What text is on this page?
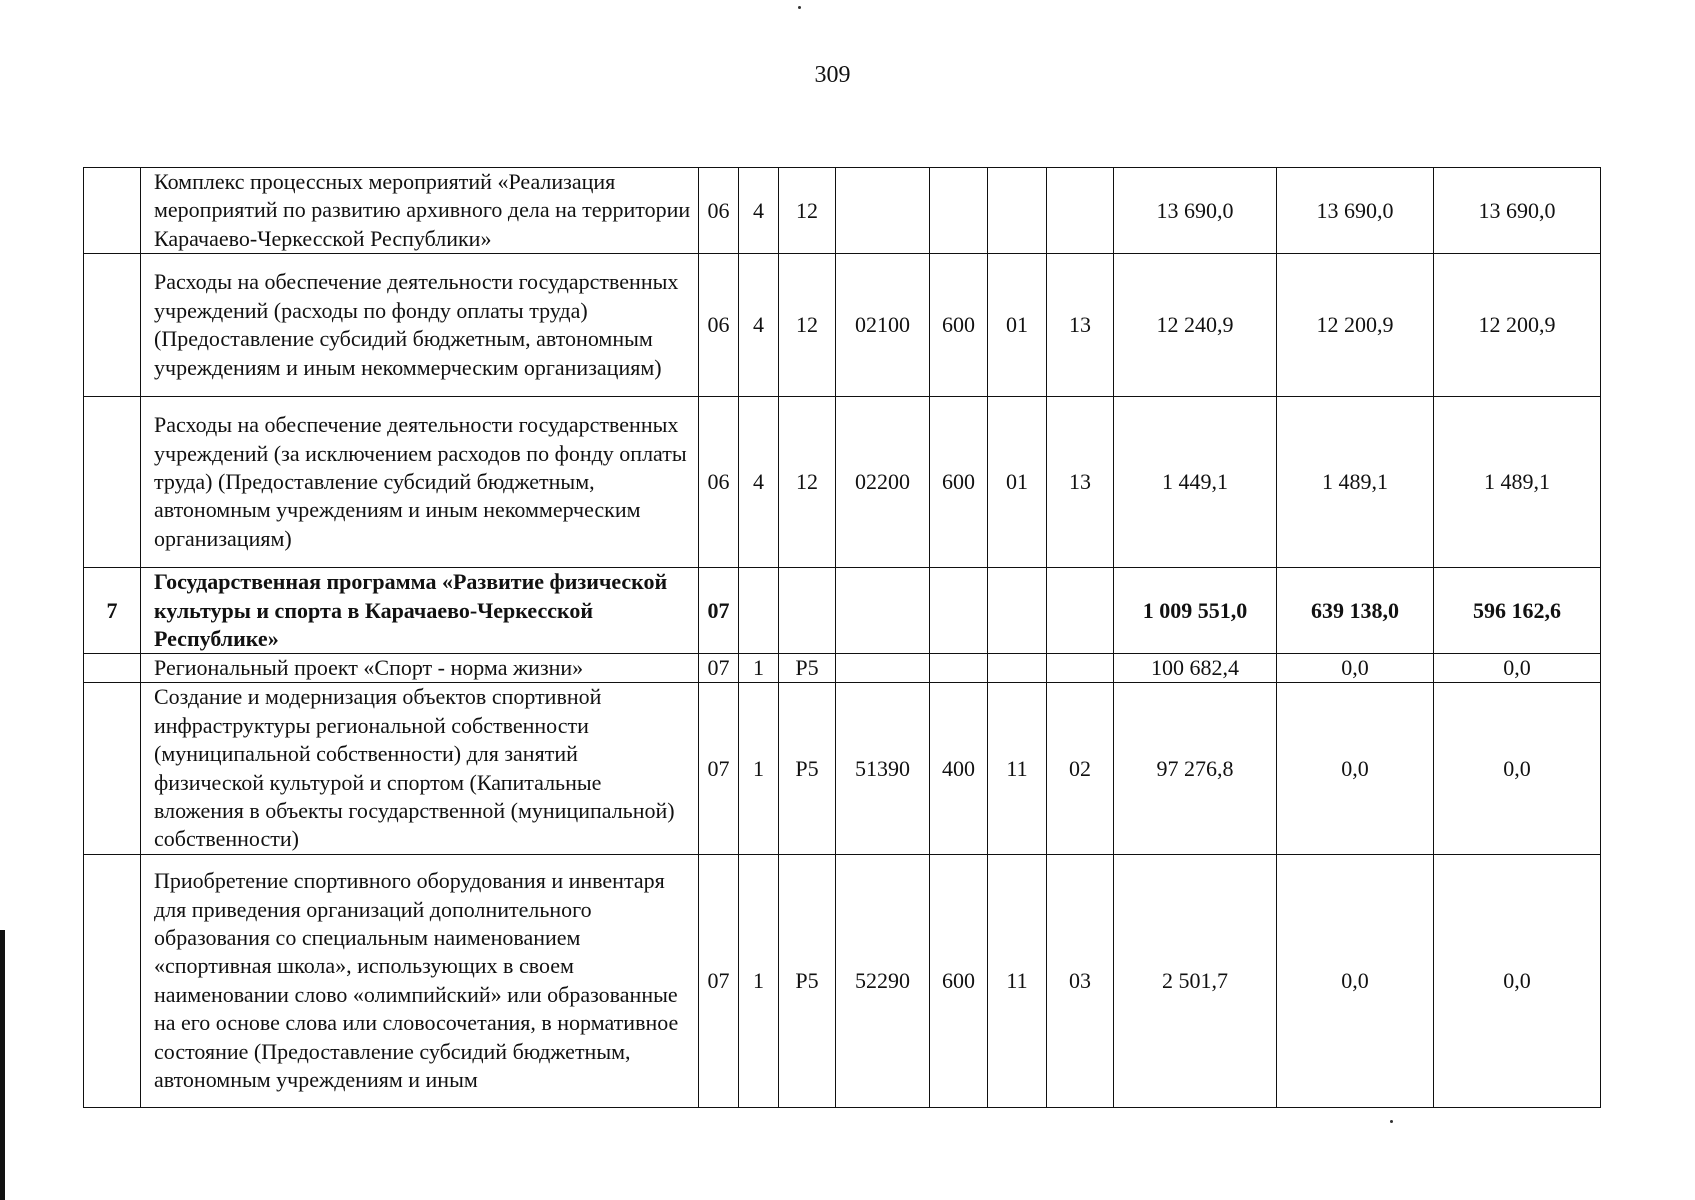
309
	Комплекс процессных мероприятий «Реализация мероприятий по развитию архивного дела на территории Карачаево-Черкесской Республики»	06	4	12					13 690,0	13 690,0	13 690,0
	Расходы на обеспечение деятельности государственных учреждений (расходы по фонду оплаты труда) (Предоставление субсидий бюджетным, автономным учреждениям и иным некоммерческим организациям)	06	4	12	02100	600	01	13	12 240,9	12 200,9	12 200,9
	Расходы на обеспечение деятельности государственных учреждений (за исключением расходов по фонду оплаты труда) (Предоставление субсидий бюджетным, автономным учреждениям и иным некоммерческим организациям)	06	4	12	02200	600	01	13	1 449,1	1 489,1	1 489,1
7	Государственная программа «Развитие физической культуры и спорта в Карачаево-Черкесской Республике»	07							1 009 551,0	639 138,0	596 162,6
	Региональный проект «Спорт - норма жизни»	07	1	P5					100 682,4	0,0	0,0
	Создание и модернизация объектов спортивной инфраструктуры региональной собственности (муниципальной собственности) для занятий физической культурой и спортом (Капитальные вложения в объекты государственной (муниципальной) собственности)	07	1	P5	51390	400	11	02	97 276,8	0,0	0,0
	Приобретение спортивного оборудования и инвентаря для приведения организаций дополнительного образования со специальным наименованием «спортивная школа», использующих в своем наименовании слово «олимпийский» или образованные на его основе слова или словосочетания, в нормативное состояние (Предоставление субсидий бюджетным, автономным учреждениям и иным	07	1	P5	52290	600	11	03	2 501,7	0,0	0,0
